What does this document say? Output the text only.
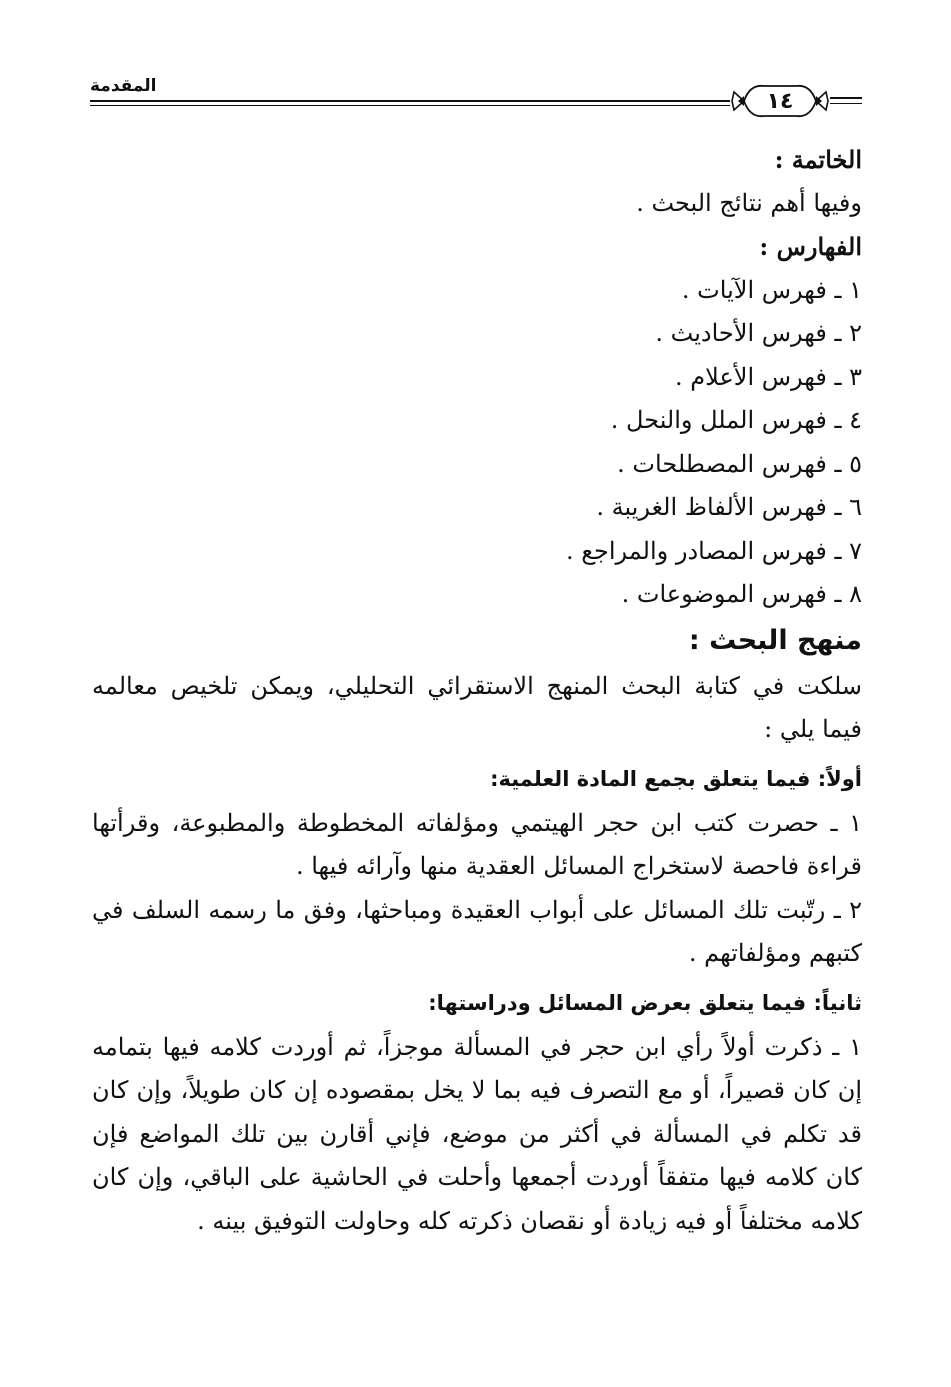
المقدمة
١٤
الخاتمة :
وفيها أهم نتائج البحث .
الفهارس :
١ ـ فهرس الآيات .
٢ ـ فهرس الأحاديث .
٣ ـ فهرس الأعلام .
٤ ـ فهرس الملل والنحل .
٥ ـ فهرس المصطلحات .
٦ ـ فهرس الألفاظ الغريبة .
٧ ـ فهرس المصادر والمراجع .
٨ ـ فهرس الموضوعات .
منهج البحث :

سلكت في كتابة البحث المنهج الاستقرائي التحليلي، ويمكن تلخيص معالمه فيما يلي :

أولاً: فيما يتعلق بجمع المادة العلمية:

١ ـ حصرت كتب ابن حجر الهيتمي ومؤلفاته المخطوطة والمطبوعة، وقرأتها قراءة فاحصة لاستخراج المسائل العقدية منها وآرائه فيها .

٢ ـ رتّبت تلك المسائل على أبواب العقيدة ومباحثها، وفق ما رسمه السلف في كتبهم ومؤلفاتهم .

ثانياً: فيما يتعلق بعرض المسائل ودراستها:

١ ـ ذكرت أولاً رأي ابن حجر في المسألة موجزاً، ثم أوردت كلامه فيها بتمامه إن كان قصيراً، أو مع التصرف فيه بما لا يخل بمقصوده إن كان طويلاً، وإن كان قد تكلم في المسألة في أكثر من موضع، فإني أقارن بين تلك المواضع فإن كان كلامه فيها متفقاً أوردت أجمعها وأحلت في الحاشية على الباقي، وإن كان كلامه مختلفاً أو فيه زيادة أو نقصان ذكرته كله وحاولت التوفيق بينه .
